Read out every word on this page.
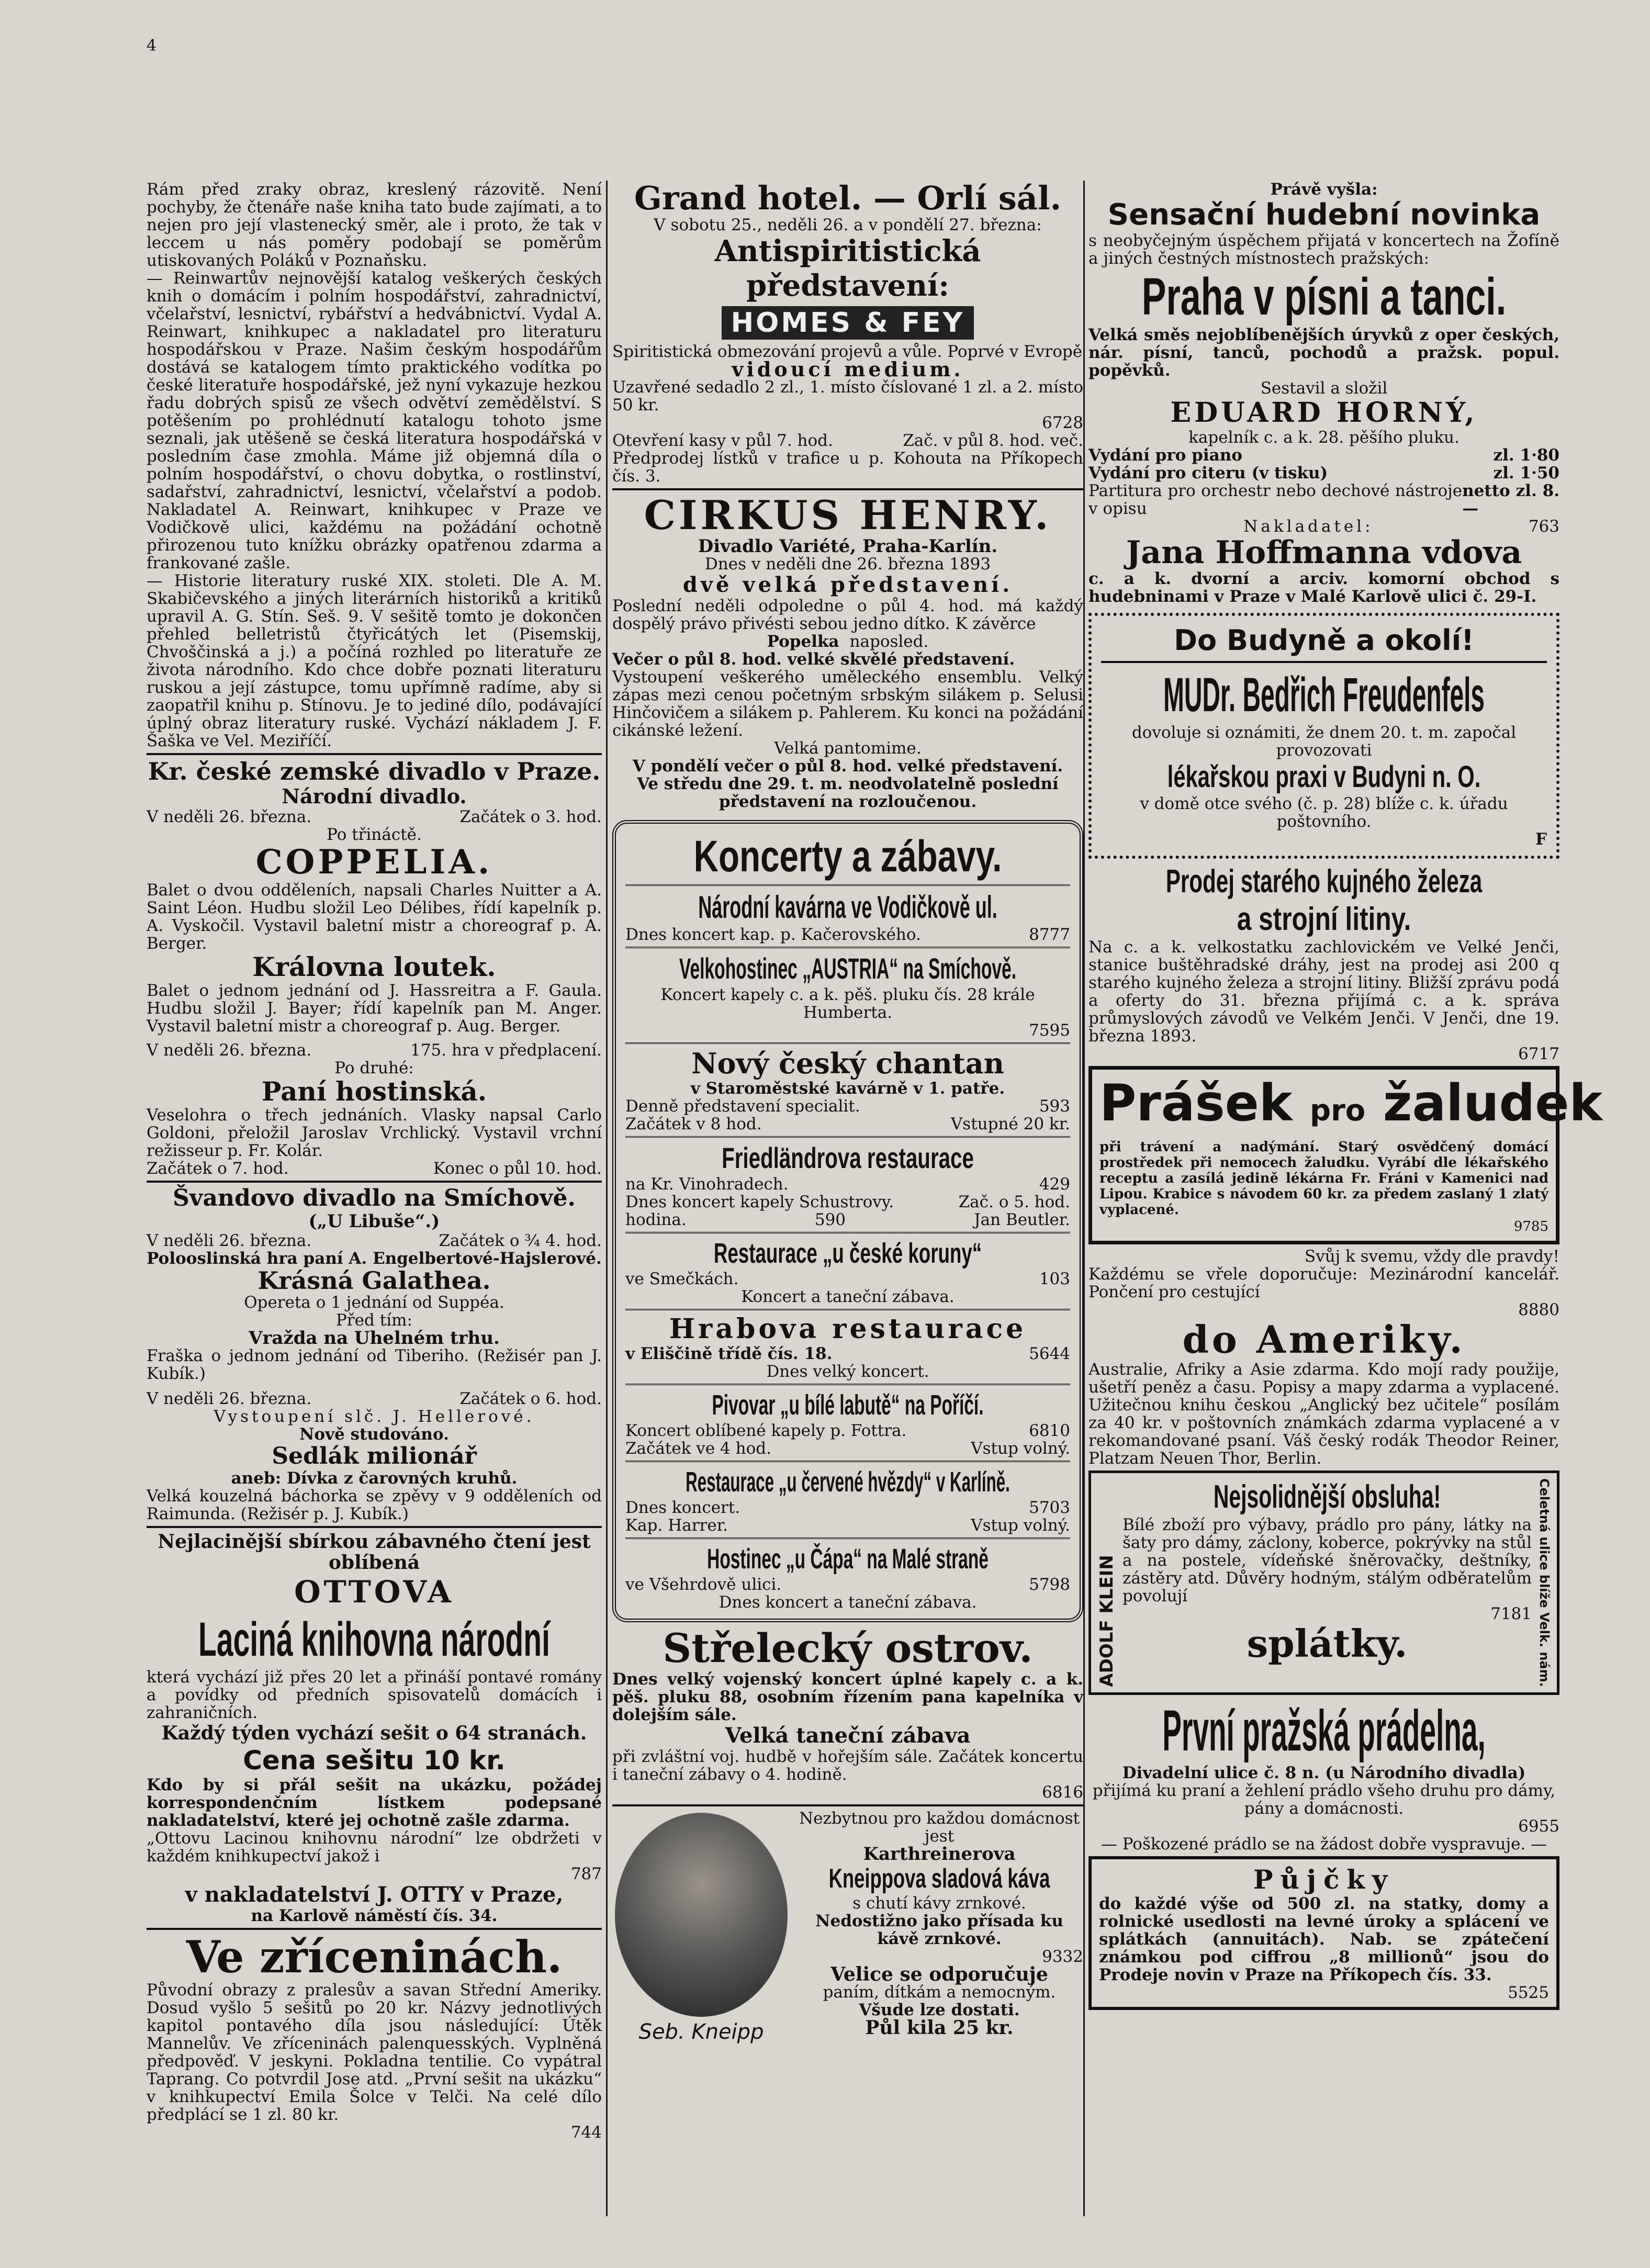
Rám před zraky obraz, kreslený rázovitě. Není pochyby, že čtenáře naše kniha tato bude zajímati, a to nejen pro její vlastenecký směr, ale i proto, že tak v leccem u nás poměry podobají se poměrům utiskovaných Poláků v Poznaňsku.

— Reinwartův nejnovější katalog veškerých českých knih o domácím i polním hospodářství, zahradnictví, včelařství, lesnictví, rybářství a hedvábnictví. Vydal A. Reinwart, knihkupec a nakladatel pro literaturu hospodářskou v Praze. Našim českým hospodářům dostává se katalogem tímto praktického vodítka po české literatuře hospodářské, jež nyní vykazuje hezkou řadu dobrých spisů ze všech odvětví zemědělství. S potěšením po prohlédnutí katalogu tohoto jsme seznali, jak utěšeně se česká literatura hospodářská v posledním čase zmohla. Máme již objemná díla o polním hospodářství, o chovu dobytka, o rostlinství, sadařství, zahradnictví, lesnictví, včelařství a podob. Nakladatel A. Reinwart, knihkupec v Praze ve Vodičkově ulici, každému na požádání ochotně přirozenou tuto knížku obrázky opatřenou zdarma a frankované zašle.

— Historie literatury ruské XIX. stoleti. Dle A. M. Skabičevského a jiných literárních historiků a kritiků upravil A. G. Stín. Seš. 9. V sešitě tomto je dokončen přehled belletristů čtyřicátých let (Pisemskij, Chvoščinská a j.) a počíná rozhled po literatuře ze života národního. Kdo chce dobře poznati literaturu ruskou a její zástupce, tomu upřímně radíme, aby si zaopatřil knihu p. Stínovu. Je to jediné dílo, podávající úplný obraz literatury ruské. Vychází nákladem J. F. Šaška ve Vel. Meziříčí.

Kr. české zemské divadlo v Praze.
Národní divadlo.

V neděli 26. března.	Začátek o 3. hod.

Po třináctě.

COPPELIA.

Balet o dvou odděleních, napsali Charles Nuitter a A. Saint Léon. Hudbu složil Leo Délibes, řídí kapelník p. A. Vyskočil. Vystavil baletní mistr a choreograf p. A. Berger.

Královna loutek.

Balet o jednom jednání od J. Hassreitra a F. Gaula. Hudbu složil J. Bayer; řídí kapelník pan M. Anger. Vystavil baletní mistr a choreograf p. Aug. Berger.

V neděli 26. března.	175. hra v předplacení.

Po druhé:

Paní hostinská.

Veselohra o třech jednáních. Vlasky napsal Carlo Goldoni, přeložil Jaroslav Vrchlický. Vystavil vrchní režisseur p. Fr. Kolár.

Začátek o 7. hod.	Konec o půl 10. hod.

Švandovo divadlo na Smíchově.
(„U Libuše“.)

V neděli 26. března.	Začátek o ¾ 4. hod.

Polooslinská hra paní A. Engelbertové-Hajslerové.

Krásná Galathea.

Opereta o 1 jednání od Suppéa.

Před tím:

Vražda na Uhelném trhu.

Fraška o jednom jednání od Tiberiho. (Režisér pan J. Kubík.)

V neděli 26. března.	Začátek o 6. hod.

Vystoupení slč. J. Hellerové.

Nově studováno.

Sedlák milionář

aneb: Dívka z čarovných kruhů.

Velká kouzelná báchorka se zpěvy v 9 odděleních od Raimunda. (Režisér p. J. Kubík.)

Nejlacinější sbírkou zábavného čtení jest oblíbená

OTTOVA
Laciná knihovna národní

která vychází již přes 20 let a přináší pontavé romány a povídky od předních spisovatelů domácích i zahraničních.

Každý týden vychází sešit o 64 stranách.

Cena sešitu 10 kr.

Kdo by si přál sešit na ukázku, požádej korrespondenčním lístkem podepsané nakladatelství, které jej ochotně zašle zdarma.

„Ottovu Lacinou knihovnu národní“ lze obdržeti v každém knihkupectví jakož i

787

v nakladatelství J. OTTY v Praze,

na Karlově náměstí čís. 34.

Ve zříceninách.

Původní obrazy z pralesův a savan Střední Ameriky. Dosud vyšlo 5 sešitů po 20 kr. Názvy jednotlivých kapitol pontavého díla jsou následující: Útěk Mannelův. Ve zříceninách palenquesských. Vyplněná předpověď. V jeskyni. Pokladna tentilie. Co vypátral Taprang. Co potvrdil Jose atd. „První sešit na ukázku“ v knihkupectví Emila Šolce v Telči. Na celé dílo předplácí se 1 zl. 80 kr.

744

Grand hotel. — Orlí sál.

V sobotu 25., neděli 26. a v pondělí 27. března:

Antispiritistická představení:
HOMES & FEY

Spiritistická obmezování projevů a vůle. Poprvé v Evropě

vidoucí medium.

Uzavřené sedadlo 2 zl., 1. místo číslované 1 zl. a 2. místo 50 kr.

6728

Otevření kasy v půl 7. hod.	Zač. v půl 8. hod. več.

Předprodej lístků v trafice u p. Kohouta na Příkopech čís. 3.

CIRKUS HENRY.

Divadlo Variété, Praha-Karlín.

Dnes v neděli dne 26. března 1893

dvě velká představení.

Poslední neděli odpoledne o půl 4. hod. má každý dospělý právo přivésti sebou jedno dítko. K závěrce

Popelka naposled.

Večer o půl 8. hod. velké skvělé představení.

Vystoupení veškerého uměleckého ensemblu. Velký zápas mezi cenou početným srbským silákem p. Selusi Hinčovičem a silákem p. Pahlerem. Ku konci na požádání cikánské ležení.

Velká pantomime.

V pondělí večer o půl 8. hod. velké představení.

Ve středu dne 29. t. m. neodvolatelně poslední představení na rozloučenou.

Koncerty a zábavy.
Národní kavárna ve Vodičkově ul.

Dnes koncert kap. p. Kačerovského.	8777

Velkohostinec „AUSTRIA“ na Smíchově.

Koncert kapely c. a k. pěš. pluku čís. 28 krále Humberta.

7595

Nový český chantan

v Staroměstské kavárně v 1. patře.

Denně představení specialit.	593

Začátek v 8 hod.	Vstupné 20 kr.

Friedländrova restaurace

na Kr. Vinohradech.	429

Dnes koncert kapely Schustrovy.	Zač. o 5. hod.

hodina.	590	Jan Beutler.

Restaurace „u české koruny“

ve Smečkách.	103

Koncert a taneční zábava.

Hrabova restaurace

v Eliščině třídě čís. 18.	5644

Dnes velký koncert.

Pivovar „u bílé labutě“ na Poříčí.

Koncert oblíbené kapely p. Fottra.	6810

Začátek ve 4 hod.	Vstup volný.

Restaurace „u červené hvězdy“ v Karlíně.

Dnes koncert.	5703

Kap. Harrer.	Vstup volný.

Hostinec „u Čápa“ na Malé straně

ve Všehrdově ulici.	5798

Dnes koncert a taneční zábava.

Střelecký ostrov.

Dnes velký vojenský koncert úplné kapely c. a k. pěš. pluku 88, osobním řízením pana kapelníka v dolejším sále.

Velká taneční zábava

při zvláštní voj. hudbě v hořejším sále. Začátek koncertu i taneční zábavy o 4. hodině.

6816

Seb. Kneipp

Nezbytnou pro každou domácnost jest

Karthreinerova

Kneippova sladová káva

s chutí kávy zrnkové.

Nedostižno jako přísada ku kávě zrnkové.

9332

Velice se odporučuje

paním, dítkám a nemocným.

Všude lze dostati.

Půl kila 25 kr.

Právě vyšla:

Sensační hudební novinka

s neobyčejným úspěchem přijatá v koncertech na Žofíně a jiných čestných místnostech pražských:

Praha v písni a tanci.

Velká směs nejoblíbenějších úryvků z oper českých, nár. písní, tanců, pochodů a pražsk. popul. popěvků.

Sestavil a složil

EDUARD HORNÝ,

kapelník c. a k. 28. pěšího pluku.

Vydání pro piano	zl. 1·80

Vydání pro citeru (v tisku)	zl. 1·50

Partitura pro orchestr nebo dechové nástroje v opisu

netto zl. 8.—

Nakladatel:	763

Jana Hoffmanna vdova

c. a k. dvorní a arciv. komorní obchod s hudebninami v Praze v Malé Karlově ulici č. 29-I.

Do Budyně a okolí!
MUDr. Bedřich Freudenfels

dovoluje si oznámiti, že dnem 20. t. m. započal provozovati

lékařskou praxi v Budyni n. O.

v domě otce svého (č. p. 28) blíže c. k. úřadu poštovního.

F

Prodej starého kujného železa
a strojní litiny.

Na c. a k. velkostatku zachlovickém ve Velké Jenči, stanice buštěhradské dráhy, jest na prodej asi 200 q starého kujného železa a strojní litiny. Bližší zprávu podá a oferty do 31. března přijímá c. a k. správa průmyslových závodů ve Velkém Jenči. V Jenči, dne 19. března 1893.

6717

Prášek pro žaludek

při trávení a nadýmání. Starý osvědčený domácí prostředek při nemocech žaludku. Vyrábí dle lékařského receptu a zasílá jedině lékárna Fr. Fráni v Kamenici nad Lipou. Krabice s návodem 60 kr. za předem zaslaný 1 zlatý vyplacené.

9785

Svůj k svemu, vždy dle pravdy!

Každému se vřele doporučuje: Mezinárodní kancelář. Pončení pro cestující

8880

do Ameriky.

Australie, Afriky a Asie zdarma. Kdo mojí rady použije, ušetří peněz a času. Popisy a mapy zdarma a vyplacené. Užitečnou knihu českou „Anglický bez učitele“ posílám za 40 kr. v poštovních známkách zdarma vyplacené a v rekomandované psaní. Váš český rodák Theodor Reiner, Platzam Neuen Thor, Berlin.

ADOLF KLEIN
Nejsolidnější obsluha!

Bílé zboží pro výbavy, prádlo pro pány, látky na šaty pro dámy, záclony, koberce, pokrývky na stůl a na postele, vídeňské šněrovačky, deštníky, zástěry atd. Důvěry hodným, stálým odběratelům povolují

7181

splátky.	Celetná ulice blíže Velk. nám.
První pražská prádelna,

Divadelní ulice č. 8 n. (u Národního divadla)

přijímá ku praní a žehlení prádlo všeho druhu pro dámy, pány a domácnosti.

6955

— Poškozené prádlo se na žádost dobře vyspravuje. —

Půjčky

do každé výše od 500 zl. na statky, domy a rolnické usedlosti na levné úroky a splácení ve splátkách (annuitách). Nab. se zpátečení známkou pod ciffrou „8 millionů“ jsou do Prodeje novin v Praze na Příkopech čís. 33.

5525

4
